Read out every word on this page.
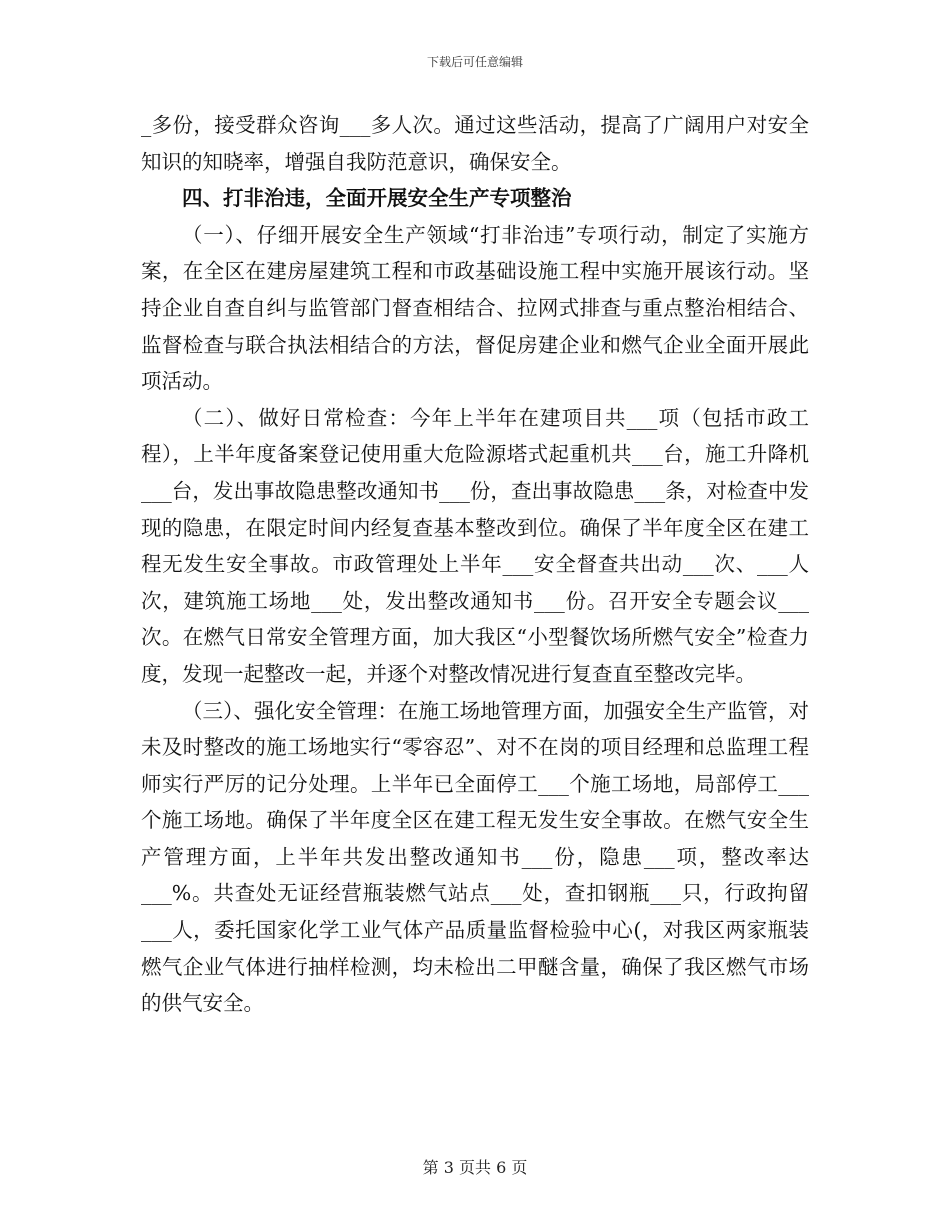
下载后可任意编辑

_多份，接受群众咨询___多人次。通过这些活动，提高了广阔用户对安全知识的知晓率，增强自我防范意识，确保安全。

四、打非治违，全面开展安全生产专项整治

（一）、仔细开展安全生产领域“打非治违”专项行动，制定了实施方案，在全区在建房屋建筑工程和市政基础设施工程中实施开展该行动。坚持企业自查自纠与监管部门督查相结合、拉网式排查与重点整治相结合、监督检查与联合执法相结合的方法，督促房建企业和燃气企业全面开展此项活动。

（二）、做好日常检查：今年上半年在建项目共___项（包括市政工程），上半年度备案登记使用重大危险源塔式起重机共___台，施工升降机___台，发出事故隐患整改通知书___份，查出事故隐患___条，对检查中发现的隐患，在限定时间内经复查基本整改到位。确保了半年度全区在建工程无发生安全事故。市政管理处上半年___安全督查共出动___次、___人次，建筑施工场地___处，发出整改通知书___份。召开安全专题会议___次。在燃气日常安全管理方面，加大我区“小型餐饮场所燃气安全”检查力度，发现一起整改一起，并逐个对整改情况进行复查直至整改完毕。

（三）、强化安全管理：在施工场地管理方面，加强安全生产监管，对未及时整改的施工场地实行“零容忍”、对不在岗的项目经理和总监理工程师实行严厉的记分处理。上半年已全面停工___个施工场地，局部停工___个施工场地。确保了半年度全区在建工程无发生安全事故。在燃气安全生产管理方面，上半年共发出整改通知书___份，隐患___项，整改率达___%。共查处无证经营瓶装燃气站点___处，查扣钢瓶___只，行政拘留___人，委托国家化学工业气体产品质量监督检验中心(，对我区两家瓶装燃气企业气体进行抽样检测，均未检出二甲醚含量，确保了我区燃气市场的供气安全。

第 3 页共 6 页
